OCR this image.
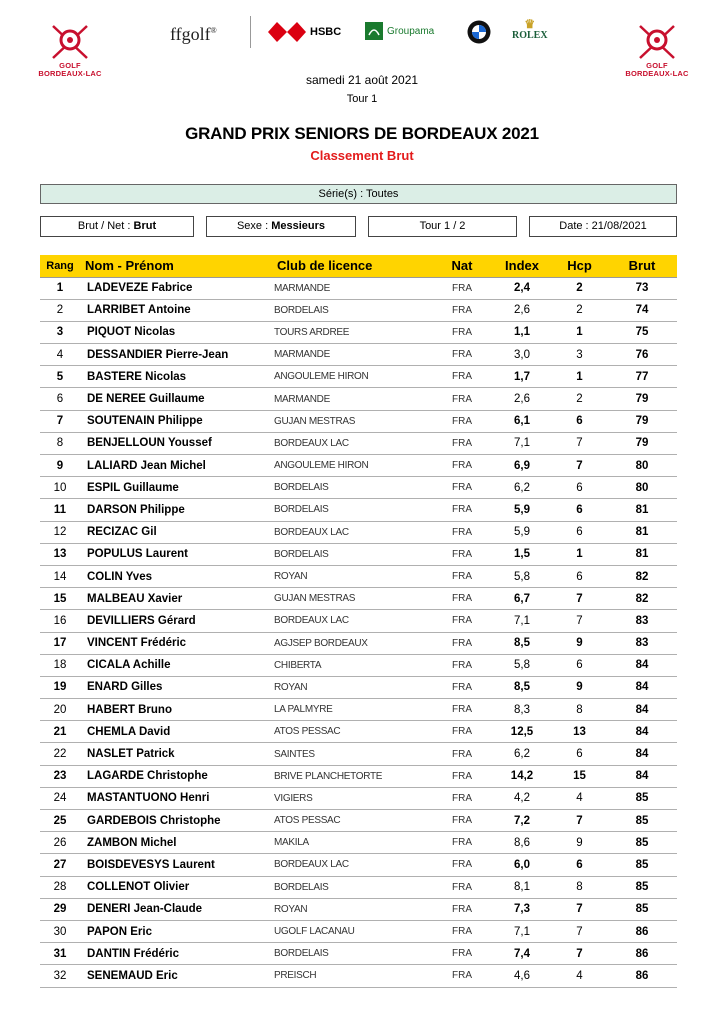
GOLF
BORDEAUX-LAC
GOLF
BORDEAUX-LAC
ffgolf®	HSBC	Groupama	♛
ROLEX
samedi 21 août 2021
Tour 1
GRAND PRIX SENIORS DE BORDEAUX 2021
Classement Brut
Série(s) : Toutes
Brut / Net : Brut	Sexe : Messieurs	Tour 1 / 2	Date : 21/08/2021
Rang	Nom - Prénom	Club de licence	Nat	Index	Hcp	Brut
1	LADEVEZE Fabrice	MARMANDE	FRA	2,4	2	73
2	LARRIBET Antoine	BORDELAIS	FRA	2,6	2	74
3	PIQUOT Nicolas	TOURS ARDREE	FRA	1,1	1	75
4	DESSANDIER Pierre-Jean	MARMANDE	FRA	3,0	3	76
5	BASTERE Nicolas	ANGOULEME HIRON	FRA	1,7	1	77
6	DE NEREE Guillaume	MARMANDE	FRA	2,6	2	79
7	SOUTENAIN Philippe	GUJAN MESTRAS	FRA	6,1	6	79
8	BENJELLOUN Youssef	BORDEAUX LAC	FRA	7,1	7	79
9	LALIARD Jean Michel	ANGOULEME HIRON	FRA	6,9	7	80
10	ESPIL Guillaume	BORDELAIS	FRA	6,2	6	80
11	DARSON Philippe	BORDELAIS	FRA	5,9	6	81
12	RECIZAC Gil	BORDEAUX LAC	FRA	5,9	6	81
13	POPULUS Laurent	BORDELAIS	FRA	1,5	1	81
14	COLIN Yves	ROYAN	FRA	5,8	6	82
15	MALBEAU Xavier	GUJAN MESTRAS	FRA	6,7	7	82
16	DEVILLIERS Gérard	BORDEAUX LAC	FRA	7,1	7	83
17	VINCENT Frédéric	AGJSEP BORDEAUX	FRA	8,5	9	83
18	CICALA Achille	CHIBERTA	FRA	5,8	6	84
19	ENARD Gilles	ROYAN	FRA	8,5	9	84
20	HABERT Bruno	LA PALMYRE	FRA	8,3	8	84
21	CHEMLA David	ATOS PESSAC	FRA	12,5	13	84
22	NASLET Patrick	SAINTES	FRA	6,2	6	84
23	LAGARDE Christophe	BRIVE PLANCHETORTE	FRA	14,2	15	84
24	MASTANTUONO Henri	VIGIERS	FRA	4,2	4	85
25	GARDEBOIS Christophe	ATOS PESSAC	FRA	7,2	7	85
26	ZAMBON Michel	MAKILA	FRA	8,6	9	85
27	BOISDEVESYS Laurent	BORDEAUX LAC	FRA	6,0	6	85
28	COLLENOT Olivier	BORDELAIS	FRA	8,1	8	85
29	DENERI Jean-Claude	ROYAN	FRA	7,3	7	85
30	PAPON Eric	UGOLF LACANAU	FRA	7,1	7	86
31	DANTIN Frédéric	BORDELAIS	FRA	7,4	7	86
32	SENEMAUD Eric	PREISCH	FRA	4,6	4	86
